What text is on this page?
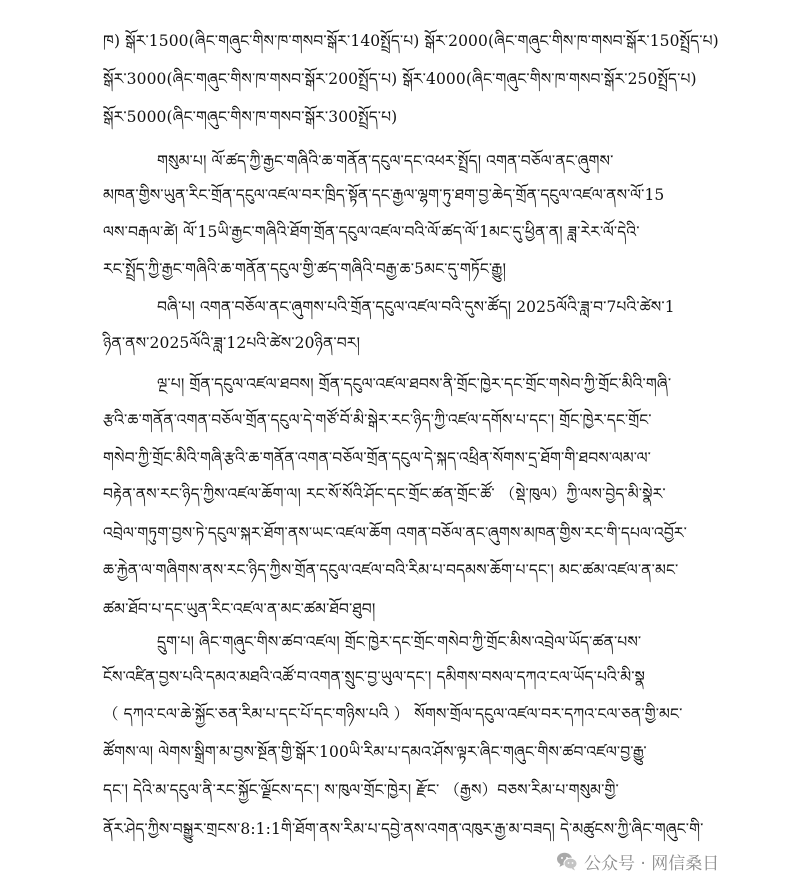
ཁ) སྒོར་1500(ཞིང་གཞུང་གིས་ཁ་གསབ་སྒོར་140སྤྲོད་པ) སྒོར་2000(ཞིང་གཞུང་གིས་ཁ་གསབ་སྒོར་150སྤྲོད་པ)
སྒོར་3000(ཞིང་གཞུང་གིས་ཁ་གསབ་སྒོར་200སྤྲོད་པ) སྒོར་4000(ཞིང་གཞུང་གིས་ཁ་གསབ་སྒོར་250སྤྲོད་པ)
སྒོར་5000(ཞིང་གཞུང་གིས་ཁ་གསབ་སྒོར་300སྤྲོད་པ)
གསུམ་པ། ལོ་ཚད་ཀྱི་རྒྱང་གཞིའི་ཆ་གནོན་དངུལ་དང་འཕར་སྤྲོད། འགན་བཅོལ་ནང་ཞུགས་
མཁན་གྱིས་ཡུན་རིང་གྲོན་དངུལ་འཛལ་བར་ཁྲིད་སྟོན་དང་རྒྱལ་ལྷག་ཏུ་ཐག་བྱ་ཆེད་གྲོན་དངུལ་འཛལ་ནས་ལོ་15
ལས་བརྒལ་ཚེ། ལོ་15ཡི་རྒྱང་གཞིའི་ཐོག་གྲོན་དངུལ་འཛལ་བའི་ལོ་ཚད་ལོ་1མང་དུ་ཕྱིན་ན། ཟླ་རེར་ལོ་དེའི་
རང་སྤྲོད་ཀྱི་རྒྱང་གཞིའི་ཆ་གནོན་དངུལ་གྱི་ཚད་གཞིའི་བརྒྱ་ཆ་5མང་དུ་གཏོང་རྒྱུ།
བཞི་པ། འགན་བཅོལ་ནང་ཞུགས་པའི་གྲོན་དངུལ་འཛལ་བའི་དུས་ཚོད། 2025ལོའི་ཟླ་བ་7པའི་ཚེས་1
ཉིན་ནས་2025ལོའི་ཟླ་12པའི་ཚེས་20ཉིན་བར།
ལྔ་པ། གྲོན་དངུལ་འཛལ་ཐབས། གྲོན་དངུལ་འཛལ་ཐབས་ནི་གྲོང་ཁྱེར་དང་གྲོང་གསེབ་ཀྱི་གྲོང་མིའི་གཞི་
རྩའི་ཆ་གནོན་འགན་བཅོལ་གྲོན་དངུལ་དེ་གཙོ་བོ་མི་སྒེར་རང་ཉིད་ཀྱི་འཛལ་དགོས་པ་དང་། གྲོང་ཁྱེར་དང་གྲོང་
གསེབ་ཀྱི་གྲོང་མིའི་གཞི་རྩའི་ཆ་གནོན་འགན་བཅོལ་གྲོན་དངུལ་དེ་སྐད་འཕྲིན་སོགས་དྲ་ཐོག་གི་ཐབས་ལམ་ལ་
བརྟེན་ནས་རང་ཉིད་ཀྱིས་འཛལ་ཆོག་ལ། རང་སོ་སོའི་ཤོང་དང་གྲོང་ཚན་གྲོང་ཚོ་ （སྡེ་ཁུལ）ཀྱི་ལས་བྱེད་མི་སྣེར་
འབྲེལ་གཏུག་བྱས་ཏེ་དངུལ་སྐར་ཐོག་ནས་ཡང་འཛལ་ཆོག འགན་བཅོལ་ནང་ཞུགས་མཁན་གྱིས་རང་གི་དཔལ་འབྱོར་
ཆ་རྐྱེན་ལ་གཞིགས་ནས་རང་ཉིད་ཀྱིས་གྲོན་དངུལ་འཛལ་བའི་རིམ་པ་བདམས་ཆོག་པ་དང་། མང་ཚམ་འཛལ་ན་མང་
ཚམ་ཐོབ་པ་དང་ཡུན་རིང་འཛལ་ན་མང་ཚམ་ཐོབ་ཐུབ།
དྲུག་པ། ཞིང་གཞུང་གིས་ཚབ་འཛལ། གྲོང་ཁྱེར་དང་གྲོང་གསེབ་ཀྱི་གྲོང་མིས་འབྲེལ་ཡོད་ཚན་པས་
ངོས་འཛིན་བྱས་པའི་དམའ་མཐའི་འཚོ་བ་འགན་སྲུང་བྱ་ཡུལ་དང་། དམིགས་བསལ་དཀའ་ངལ་ཡོད་པའི་མི་སྣ
（ དཀའ་ངལ་ཆེ་སྐྱོང་ཅན་རིམ་པ་དང་པོ་དང་གཉིས་པའི ） སོགས་གྲོལ་དངུལ་འཛལ་བར་དཀའ་ངལ་ཅན་གྱི་མང་
ཚོགས་ལ། ལེགས་སྒྲིག་མ་བྱས་སྔོན་གྱི་སྒོར་100ཡི་རིམ་པ་དམའ་ཤོས་ལྟར་ཞིང་གཞུང་གིས་ཚབ་འཛལ་བྱ་རྒྱུ་
དང་། དེའི་མ་དངུལ་ནི་རང་སྐྱོང་ལྗོངས་དང་། ས་ཁུལ་གྲོང་ཁྱེར། རྫོང་ （རྒྱས）བཅས་རིམ་པ་གསུམ་གྱི་
ནོར་ཤེད་ཀྱིས་བསྒྱུར་གྲངས་8:1:1གི་ཐོག་ནས་རིམ་པ་དབྱེ་ནས་འགན་འཁུར་རྒྱ་མ་བཟད། དེ་མཚུངས་ཀྱི་ཞིང་གཞུང་གི་
公众号 · 网信桑日
